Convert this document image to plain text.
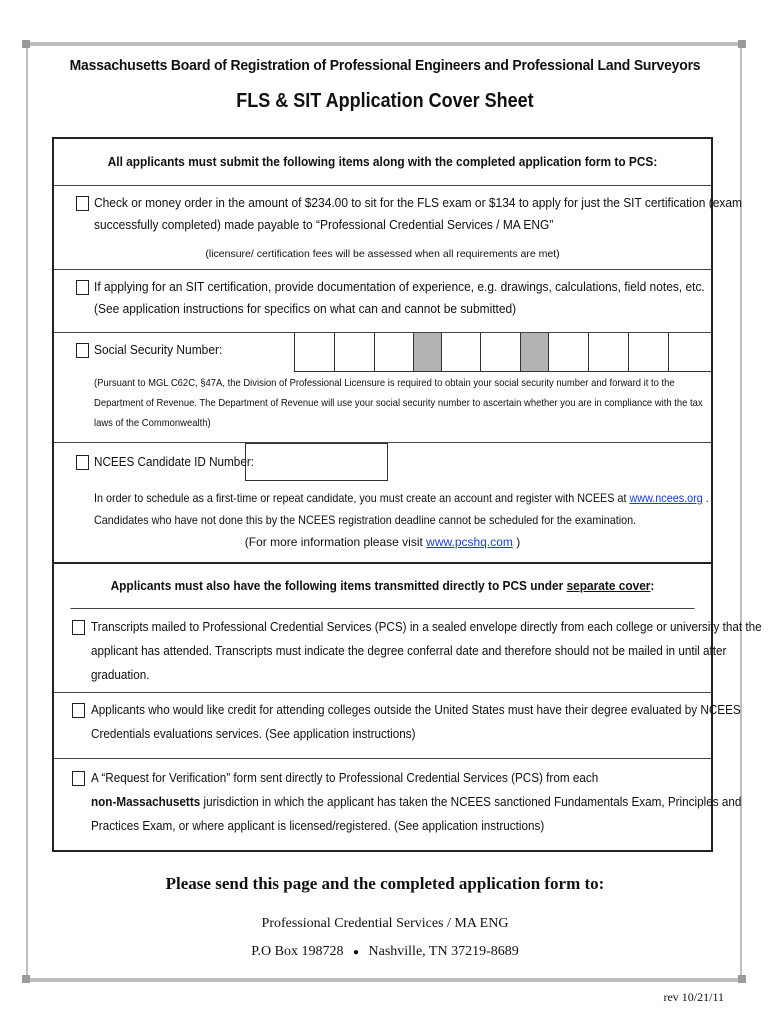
Massachusetts Board of Registration of Professional Engineers and Professional Land Surveyors
FLS & SIT Application Cover Sheet
All applicants must submit the following items along with the completed application form to PCS:
Check or money order in the amount of $234.00 to sit for the FLS exam or $134 to apply for just the SIT certification (exam
successfully completed) made payable to “Professional Credential Services / MA ENG”
(licensure/ certification fees will be assessed when all requirements are met)
If applying for an SIT certification, provide documentation of experience, e.g. drawings, calculations, field notes, etc.
(See application instructions for specifics on what can and cannot be submitted)
Social Security Number:
(Pursuant to MGL C62C, §47A, the Division of Professional Licensure is required to obtain your social security number and forward it to the
Department of Revenue. The Department of Revenue will use your social security number to ascertain whether you are in compliance with the tax
laws of the Commonwealth)
NCEES Candidate ID Number:
In order to schedule as a first-time or repeat candidate, you must create an account and register with NCEES at www.ncees.org .
Candidates who have not done this by the NCEES registration deadline cannot be scheduled for the examination.
(For more information please visit www.pcshq.com )
Applicants must also have the following items transmitted directly to PCS under separate cover:
Transcripts mailed to Professional Credential Services (PCS) in a sealed envelope directly from each college or university that the
applicant has attended. Transcripts must indicate the degree conferral date and therefore should not be mailed in until after
graduation.
Applicants who would like credit for attending colleges outside the United States must have their degree evaluated by NCEES
Credentials evaluations services. (See application instructions)
A “Request for Verification” form sent directly to Professional Credential Services (PCS) from each
non-Massachusetts jurisdiction in which the applicant has taken the NCEES sanctioned Fundamentals Exam, Principles and
Practices Exam, or where applicant is licensed/registered. (See application instructions)
Please send this page and the completed application form to:
Professional Credential Services / MA ENG
P.O Box 198728 ● Nashville, TN 37219-8689
rev 10/21/11
